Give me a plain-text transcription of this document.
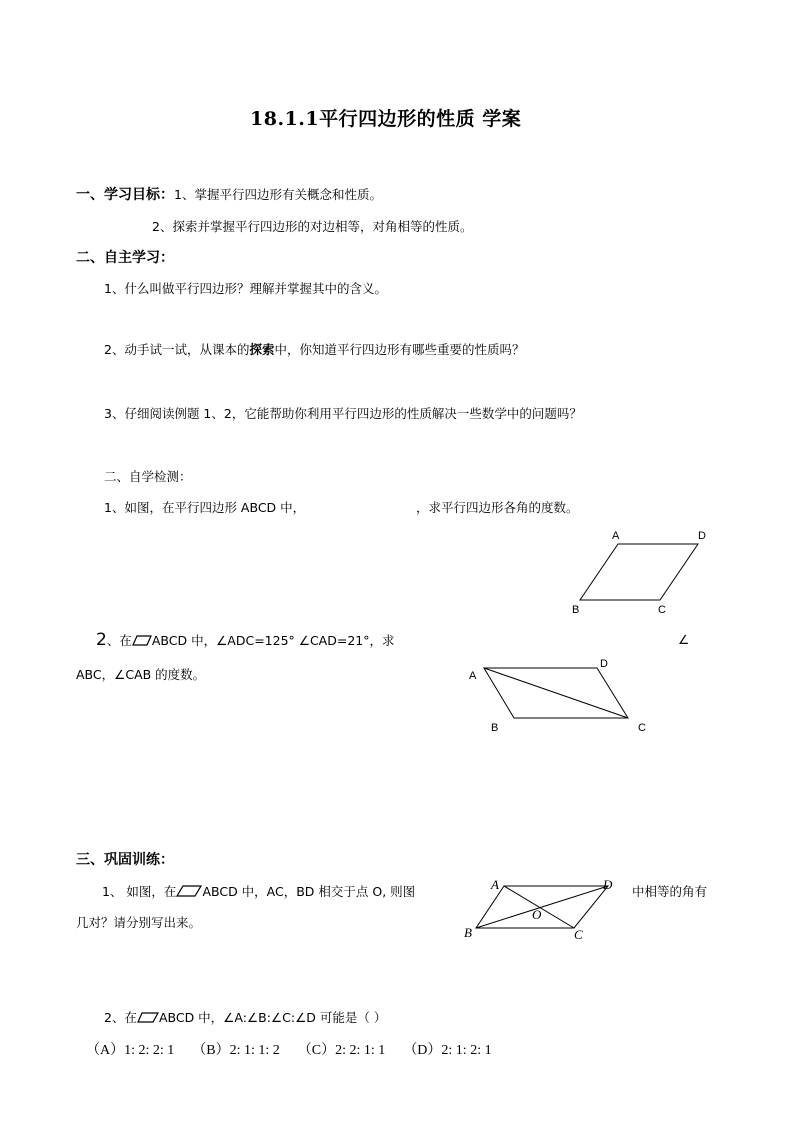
18.1.1平行四边形的性质 学案
一、学习目标：1、掌握平行四边形有关概念和性质。
2、探索并掌握平行四边形的对边相等，对角相等的性质。
二、自主学习：
1、什么叫做平行四边形？理解并掌握其中的含义。
2、动手试一试，从课本的探索中，你知道平行四边形有哪些重要的性质吗？
3、仔细阅读例题 1、2，它能帮助你利用平行四边形的性质解决一些数学中的问题吗？
二、自学检测：
1、如图，在平行四边形 ABCD 中，	，求平行四边形各角的度数。
A	D
B	C
2、在 ABCD 中，∠ADC=125° ∠CAD=21°，求	∠
ABC，∠CAB 的度数。	A
D
B	C
三、巩固训练：
1、 如图，在 ABCD 中，AC，BD 相交于点 O, 则图	中相等的角有
几对？请分别写出来。
A	D
B	C
O
2、在 ABCD 中，∠A:∠B:∠C:∠D 可能是（ ）
（A）1: 2: 2: 1 （B）2: 1: 1: 2 （C）2: 2: 1: 1 （D）2: 1: 2: 1
